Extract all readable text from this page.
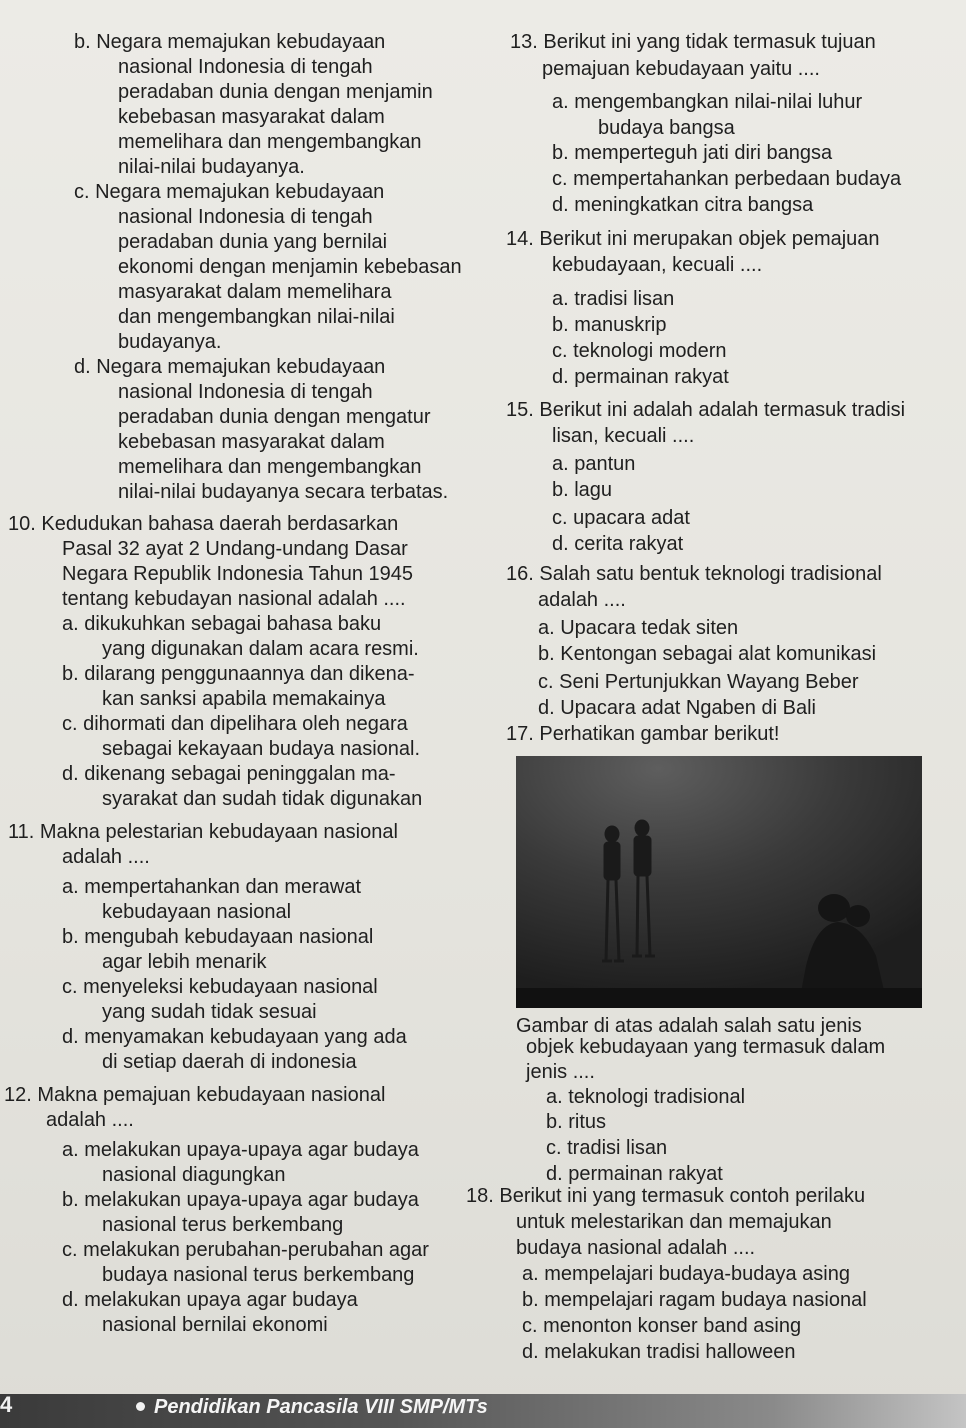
b. Negara memajukan kebudayaan
nasional Indonesia di tengah
peradaban dunia dengan menjamin
kebebasan masyarakat dalam
memelihara dan mengembangkan
nilai-nilai budayanya.
c. Negara memajukan kebudayaan
nasional Indonesia di tengah
peradaban dunia yang bernilai
ekonomi dengan menjamin kebebasan
masyarakat dalam memelihara
dan mengembangkan nilai-nilai
budayanya.
d. Negara memajukan kebudayaan
nasional Indonesia di tengah
peradaban dunia dengan mengatur
kebebasan masyarakat dalam
memelihara dan mengembangkan
nilai-nilai budayanya secara terbatas.
10. Kedudukan bahasa daerah berdasarkan
Pasal 32 ayat 2 Undang-undang Dasar
Negara Republik Indonesia Tahun 1945
tentang kebudayan nasional adalah ....
a. dikukuhkan sebagai bahasa baku
yang digunakan dalam acara resmi.
b. dilarang penggunaannya dan dikena-
kan sanksi apabila memakainya
c. dihormati dan dipelihara oleh negara
sebagai kekayaan budaya nasional.
d. dikenang sebagai peninggalan ma-
syarakat dan sudah tidak digunakan
11. Makna pelestarian kebudayaan nasional
adalah ....
a. mempertahankan dan merawat
kebudayaan nasional
b. mengubah kebudayaan nasional
agar lebih menarik
c. menyeleksi kebudayaan nasional
yang sudah tidak sesuai
d. menyamakan kebudayaan yang ada
di setiap daerah di indonesia
12. Makna pemajuan kebudayaan nasional
adalah ....
a. melakukan upaya-upaya agar budaya
nasional diagungkan
b. melakukan upaya-upaya agar budaya
nasional terus berkembang
c. melakukan perubahan-perubahan agar
budaya nasional terus berkembang
d. melakukan upaya agar budaya
nasional bernilai ekonomi
13. Berikut ini yang tidak termasuk tujuan
pemajuan kebudayaan yaitu ....
a. mengembangkan nilai-nilai luhur
budaya bangsa
b. memperteguh jati diri bangsa
c. mempertahankan perbedaan budaya
d. meningkatkan citra bangsa
14. Berikut ini merupakan objek pemajuan
kebudayaan, kecuali ....
a. tradisi lisan
b. manuskrip
c. teknologi modern
d. permainan rakyat
15. Berikut ini adalah adalah termasuk tradisi
lisan, kecuali ....
a. pantun
b. lagu
c. upacara adat
d. cerita rakyat
16. Salah satu bentuk teknologi tradisional
adalah ....
a. Upacara tedak siten
b. Kentongan sebagai alat komunikasi
c. Seni Pertunjukkan Wayang Beber
d. Upacara adat Ngaben di Bali
17. Perhatikan gambar berikut!
Gambar di atas adalah salah satu jenis
objek kebudayaan yang termasuk dalam
jenis ....
a. teknologi tradisional
b. ritus
c. tradisi lisan
d. permainan rakyat
18. Berikut ini yang termasuk contoh perilaku
untuk melestarikan dan memajukan
budaya nasional adalah ....
a. mempelajari budaya-budaya asing
b. mempelajari ragam budaya nasional
c. menonton konser band asing
d. melakukan tradisi halloween
4	Pendidikan Pancasila VIII SMP/MTs
